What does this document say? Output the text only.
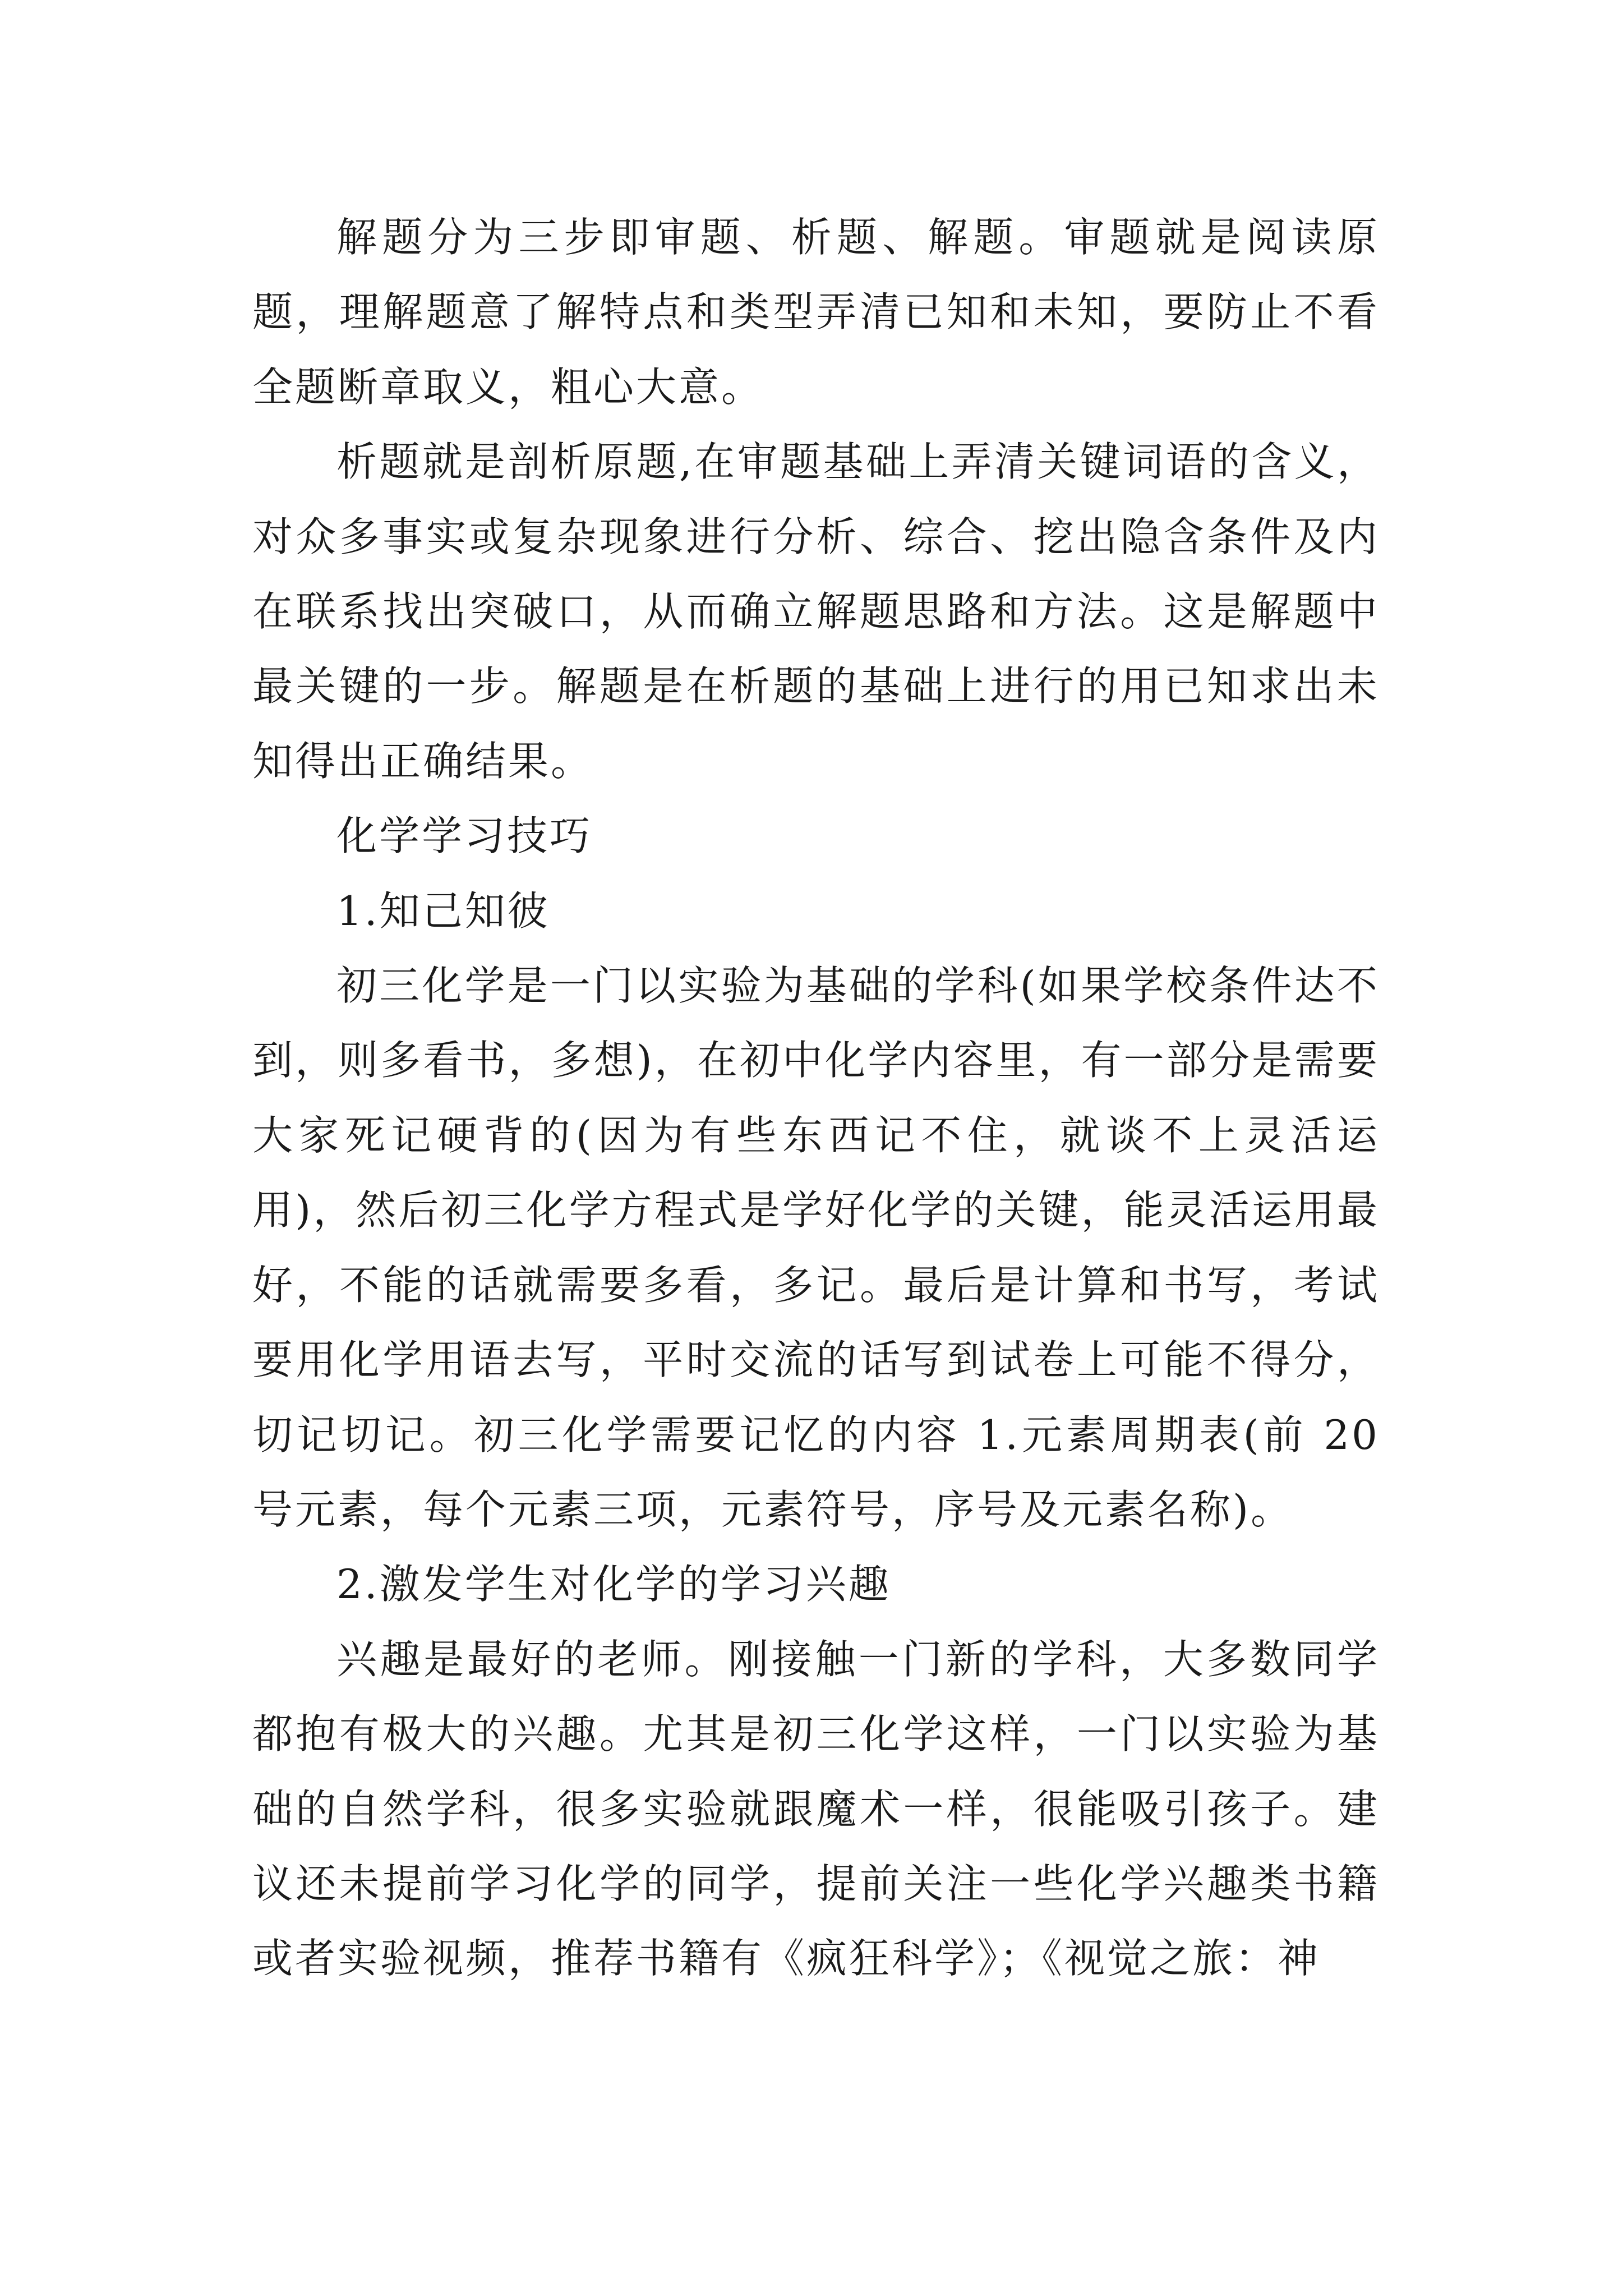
解题分为三步即审题、析题、解题。审题就是阅读原题，理解题意了解特点和类型弄清已知和未知，要防止不看全题断章取义，粗心大意。

析题就是剖析原题,在审题基础上弄清关键词语的含义，对众多事实或复杂现象进行分析、综合、挖出隐含条件及内在联系找出突破口，从而确立解题思路和方法。这是解题中最关键的一步。解题是在析题的基础上进行的用已知求出未知得出正确结果。

化学学习技巧

1.知己知彼

初三化学是一门以实验为基础的学科(如果学校条件达不到，则多看书，多想)，在初中化学内容里，有一部分是需要大家死记硬背的(因为有些东西记不住，就谈不上灵活运用)，然后初三化学方程式是学好化学的关键，能灵活运用最好，不能的话就需要多看，多记。最后是计算和书写，考试要用化学用语去写，平时交流的话写到试卷上可能不得分，切记切记。初三化学需要记忆的内容 1.元素周期表(前 20 号元素，每个元素三项，元素符号，序号及元素名称)。

2.激发学生对化学的学习兴趣

兴趣是最好的老师。刚接触一门新的学科，大多数同学都抱有极大的兴趣。尤其是初三化学这样，一门以实验为基础的自然学科，很多实验就跟魔术一样，很能吸引孩子。建议还未提前学习化学的同学，提前关注一些化学兴趣类书籍或者实验视频，推荐书籍有《疯狂科学》；《视觉之旅：神
